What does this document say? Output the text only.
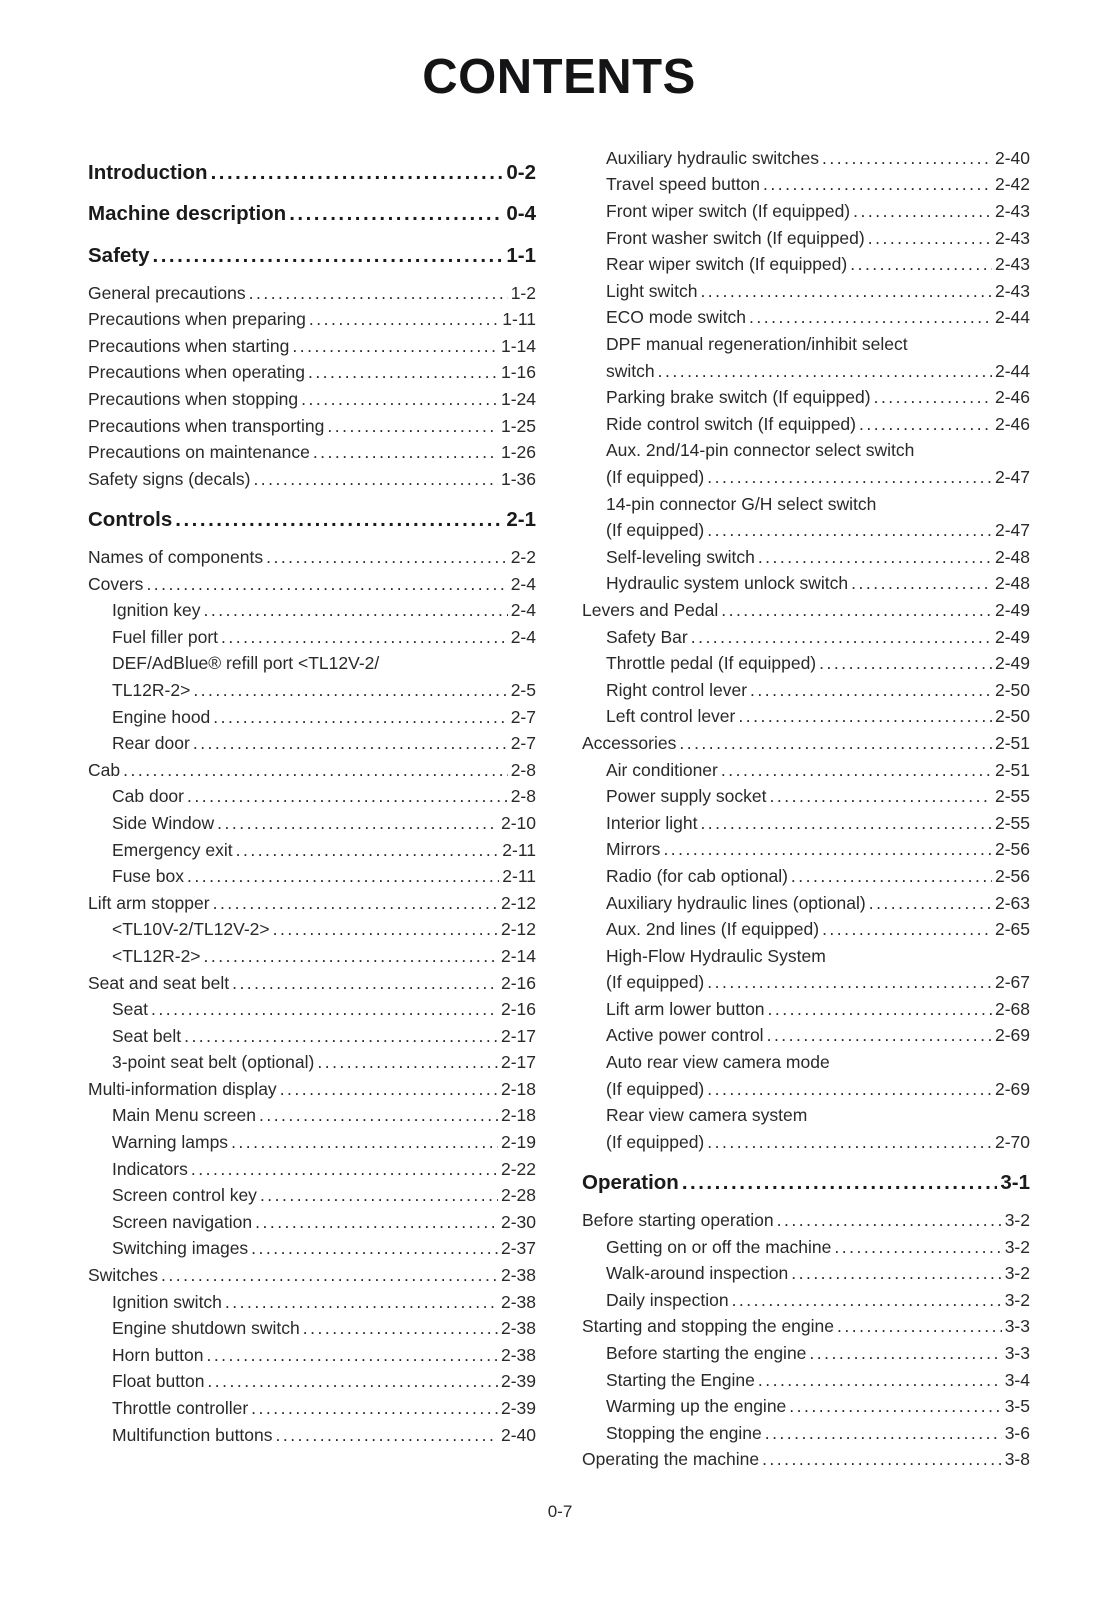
CONTENTS
Introduction .....	0-2
Machine description .....	0-4
Safety .....	1-1
General precautions .....	1-2
Precautions when preparing .....	1-11
Precautions when starting .....	1-14
Precautions when operating .....	1-16
Precautions when stopping .....	1-24
Precautions when transporting .....	1-25
Precautions on maintenance .....	1-26
Safety signs (decals) .....	1-36
Controls .....	2-1
Names of components .....	2-2
Covers .....	2-4
Ignition key .....	2-4
Fuel filler port .....	2-4
DEF/AdBlue® refill port <TL12V-2/
TL12R-2> .....	2-5
Engine hood .....	2-7
Rear door .....	2-7
Cab .....	2-8
Cab door .....	2-8
Side Window .....	2-10
Emergency exit .....	2-11
Fuse box .....	2-11
Lift arm stopper .....	2-12
<TL10V-2/TL12V-2> .....	2-12
<TL12R-2> .....	2-14
Seat and seat belt .....	2-16
Seat .....	2-16
Seat belt .....	2-17
3-point seat belt (optional) .....	2-17
Multi-information display .....	2-18
Main Menu screen .....	2-18
Warning lamps .....	2-19
Indicators .....	2-22
Screen control key .....	2-28
Screen navigation .....	2-30
Switching images .....	2-37
Switches .....	2-38
Ignition switch .....	2-38
Engine shutdown switch .....	2-38
Horn button .....	2-38
Float button .....	2-39
Throttle controller .....	2-39
Multifunction buttons .....	2-40
Auxiliary hydraulic switches .....	2-40
Travel speed button .....	2-42
Front wiper switch (If equipped) .....	2-43
Front washer switch (If equipped) .....	2-43
Rear wiper switch (If equipped) .....	2-43
Light switch .....	2-43
ECO mode switch .....	2-44
DPF manual regeneration/inhibit select
switch .....	2-44
Parking brake switch (If equipped) .....	2-46
Ride control switch (If equipped) .....	2-46
Aux. 2nd/14-pin connector select switch
(If equipped) .....	2-47
14-pin connector G/H select switch
(If equipped) .....	2-47
Self-leveling switch .....	2-48
Hydraulic system unlock switch .....	2-48
Levers and Pedal .....	2-49
Safety Bar .....	2-49
Throttle pedal (If equipped) .....	2-49
Right control lever .....	2-50
Left control lever .....	2-50
Accessories .....	2-51
Air conditioner .....	2-51
Power supply socket .....	2-55
Interior light .....	2-55
Mirrors .....	2-56
Radio (for cab optional) .....	2-56
Auxiliary hydraulic lines (optional) .....	2-63
Aux. 2nd lines (If equipped) .....	2-65
High-Flow Hydraulic System
(If equipped) .....	2-67
Lift arm lower button .....	2-68
Active power control .....	2-69
Auto rear view camera mode
(If equipped) .....	2-69
Rear view camera system
(If equipped) .....	2-70
Operation .....	3-1
Before starting operation .....	3-2
Getting on or off the machine .....	3-2
Walk-around inspection .....	3-2
Daily inspection .....	3-2
Starting and stopping the engine .....	3-3
Before starting the engine .....	3-3
Starting the Engine .....	3-4
Warming up the engine .....	3-5
Stopping the engine .....	3-6
Operating the machine .....	3-8
0-7
